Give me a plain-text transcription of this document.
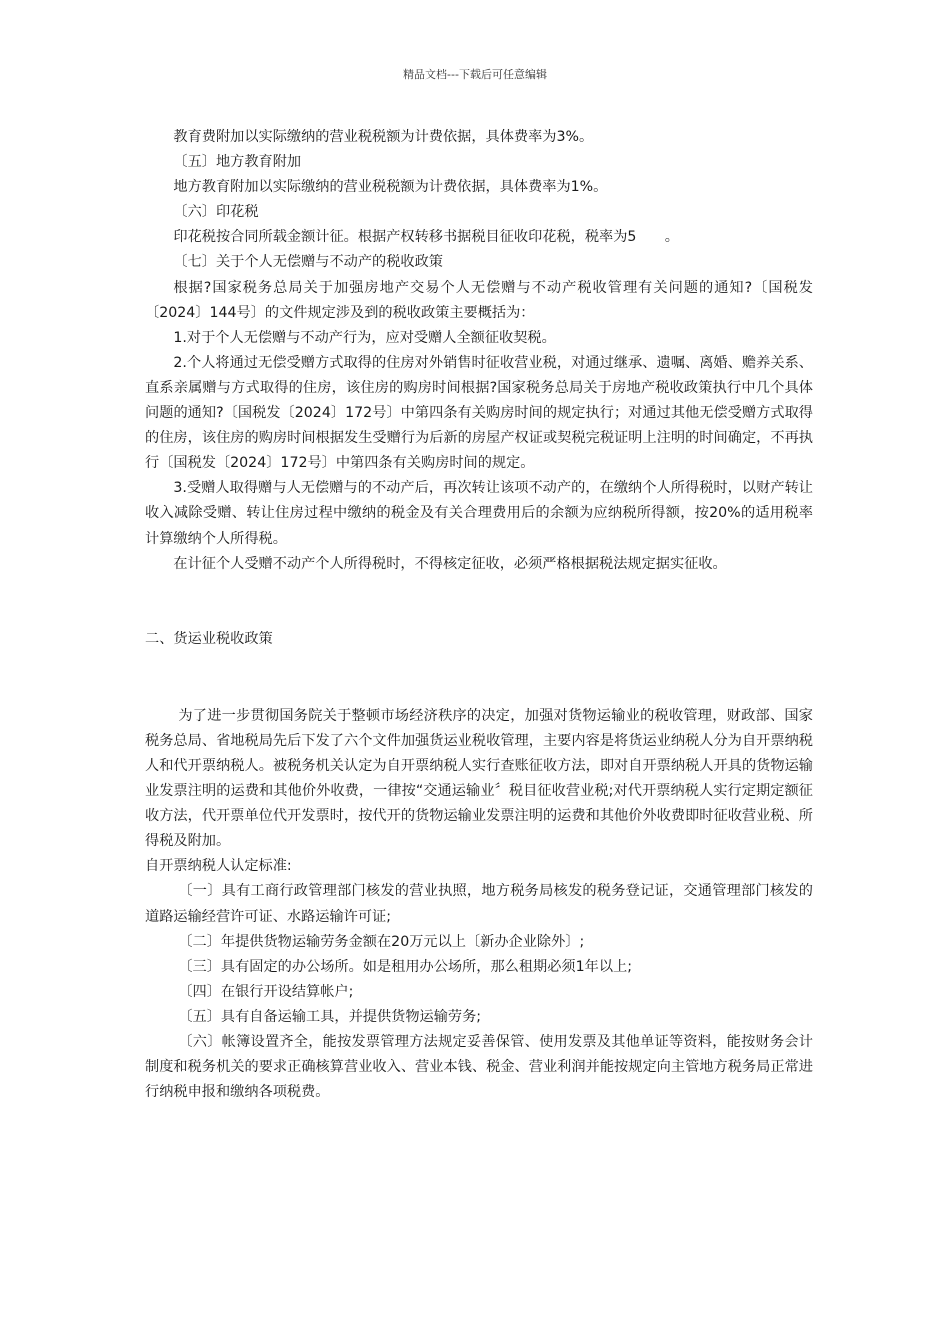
精品文档---下载后可任意编辑

教育费附加以实际缴纳的营业税税额为计费依据，具体费率为3%。

〔五〕地方教育附加

地方教育附加以实际缴纳的营业税税额为计费依据，具体费率为1%。

〔六〕印花税

印花税按合同所载金额计征。根据产权转移书据税目征收印花税，税率为5　　。

〔七〕关于个人无偿赠与不动产的税收政策

根据?国家税务总局关于加强房地产交易个人无偿赠与不动产税收管理有关问题的通知?〔国税发〔2024〕144号〕的文件规定涉及到的税收政策主要概括为：

1.对于个人无偿赠与不动产行为，应对受赠人全额征收契税。

2.个人将通过无偿受赠方式取得的住房对外销售时征收营业税，对通过继承、遗嘱、离婚、赡养关系、直系亲属赠与方式取得的住房，该住房的购房时间根据?国家税务总局关于房地产税收政策执行中几个具体问题的通知?〔国税发〔2024〕172号〕中第四条有关购房时间的规定执行；对通过其他无偿受赠方式取得的住房，该住房的购房时间根据发生受赠行为后新的房屋产权证或契税完税证明上注明的时间确定，不再执行〔国税发〔2024〕172号〕中第四条有关购房时间的规定。

3.受赠人取得赠与人无偿赠与的不动产后，再次转让该项不动产的，在缴纳个人所得税时，以财产转让收入减除受赠、转让住房过程中缴纳的税金及有关合理费用后的余额为应纳税所得额，按20%的适用税率计算缴纳个人所得税。

在计征个人受赠不动产个人所得税时，不得核定征收，必须严格根据税法规定据实征收。

二、货运业税收政策

为了进一步贯彻国务院关于整顿市场经济秩序的决定，加强对货物运输业的税收管理，财政部、国家税务总局、省地税局先后下发了六个文件加强货运业税收管理，主要内容是将货运业纳税人分为自开票纳税人和代开票纳税人。被税务机关认定为自开票纳税人实行查账征收方法，即对自开票纳税人开具的货物运输业发票注明的运费和其他价外收费，一律按“交通运输业〞税目征收营业税;对代开票纳税人实行定期定额征收方法，代开票单位代开发票时，按代开的货物运输业发票注明的运费和其他价外收费即时征收营业税、所得税及附加。

自开票纳税人认定标准:

〔一〕具有工商行政管理部门核发的营业执照，地方税务局核发的税务登记证，交通管理部门核发的道路运输经营许可证、水路运输许可证;

〔二〕年提供货物运输劳务金额在20万元以上〔新办企业除外〕;

〔三〕具有固定的办公场所。如是租用办公场所，那么租期必须1年以上;

〔四〕在银行开设结算帐户;

〔五〕具有自备运输工具，并提供货物运输劳务;

〔六〕帐簿设置齐全，能按发票管理方法规定妥善保管、使用发票及其他单证等资料，能按财务会计制度和税务机关的要求正确核算营业收入、营业本钱、税金、营业利润并能按规定向主管地方税务局正常进行纳税申报和缴纳各项税费。
